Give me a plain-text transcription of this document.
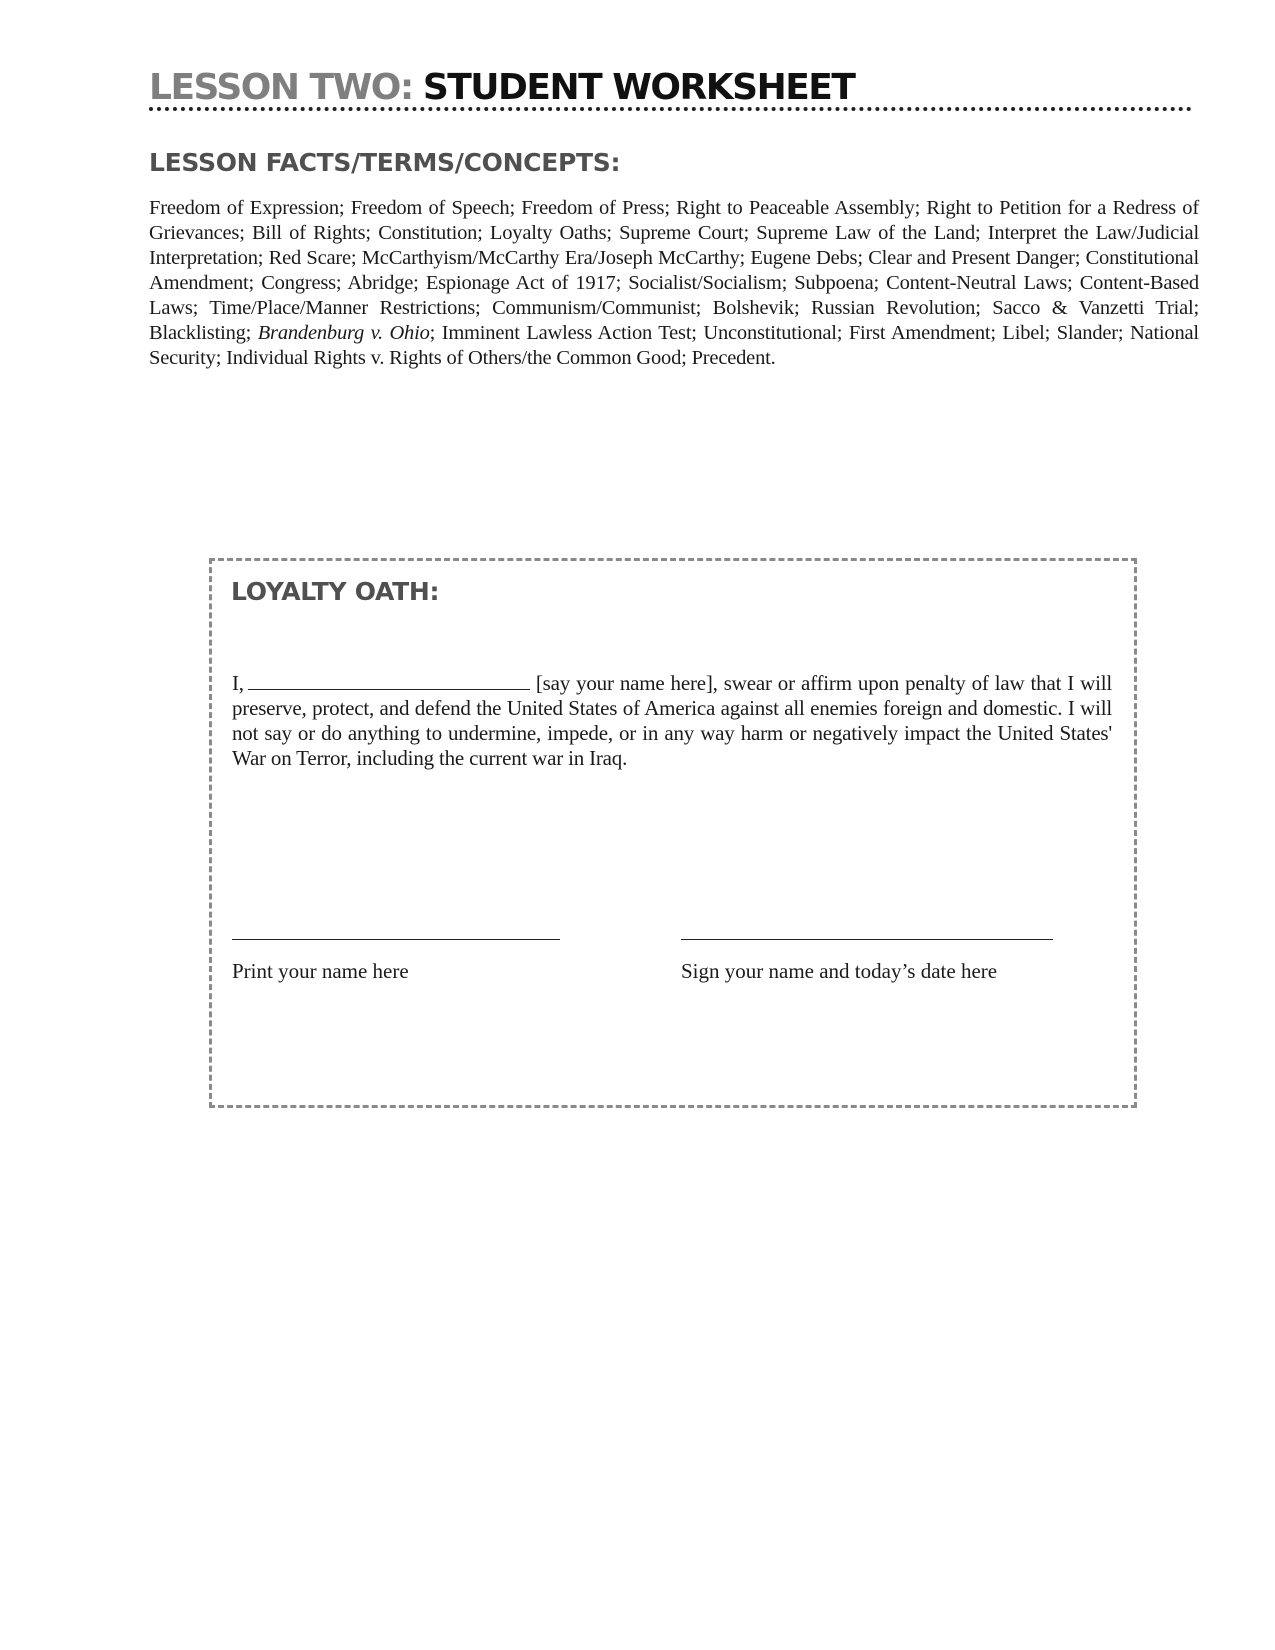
LESSON TWO: STUDENT WORKSHEET
LESSON FACTS/TERMS/CONCEPTS:
Freedom of Expression; Freedom of Speech; Freedom of Press; Right to Peaceable Assembly; Right to Petition for a Redress of Grievances; Bill of Rights; Constitution; Loyalty Oaths; Supreme Court; Supreme Law of the Land; Interpret the Law/Judicial Interpretation; Red Scare; McCarthyism/McCarthy Era/Joseph McCarthy; Eugene Debs; Clear and Present Danger; Constitutional Amendment; Congress; Abridge; Espionage Act of 1917; Socialist/Socialism; Subpoena; Content-Neutral Laws; Content-Based Laws; Time/Place/Manner Restrictions; Communism/Communist; Bolshevik; Russian Revolution; Sacco & Vanzetti Trial; Blacklisting; Brandenburg v. Ohio; Imminent Lawless Action Test; Unconstitutional; First Amendment; Libel; Slander; National Security; Individual Rights v. Rights of Others/the Common Good; Precedent.
LOYALTY OATH:
I,	[say your name here], swear or affirm upon penalty of law that I will preserve, protect, and defend the United States of America against all enemies foreign and domestic. I will not say or do anything to undermine, impede, or in any way harm or negatively impact the United States' War on Terror, including the current war in Iraq.
Print your name here	Sign your name and today’s date here
